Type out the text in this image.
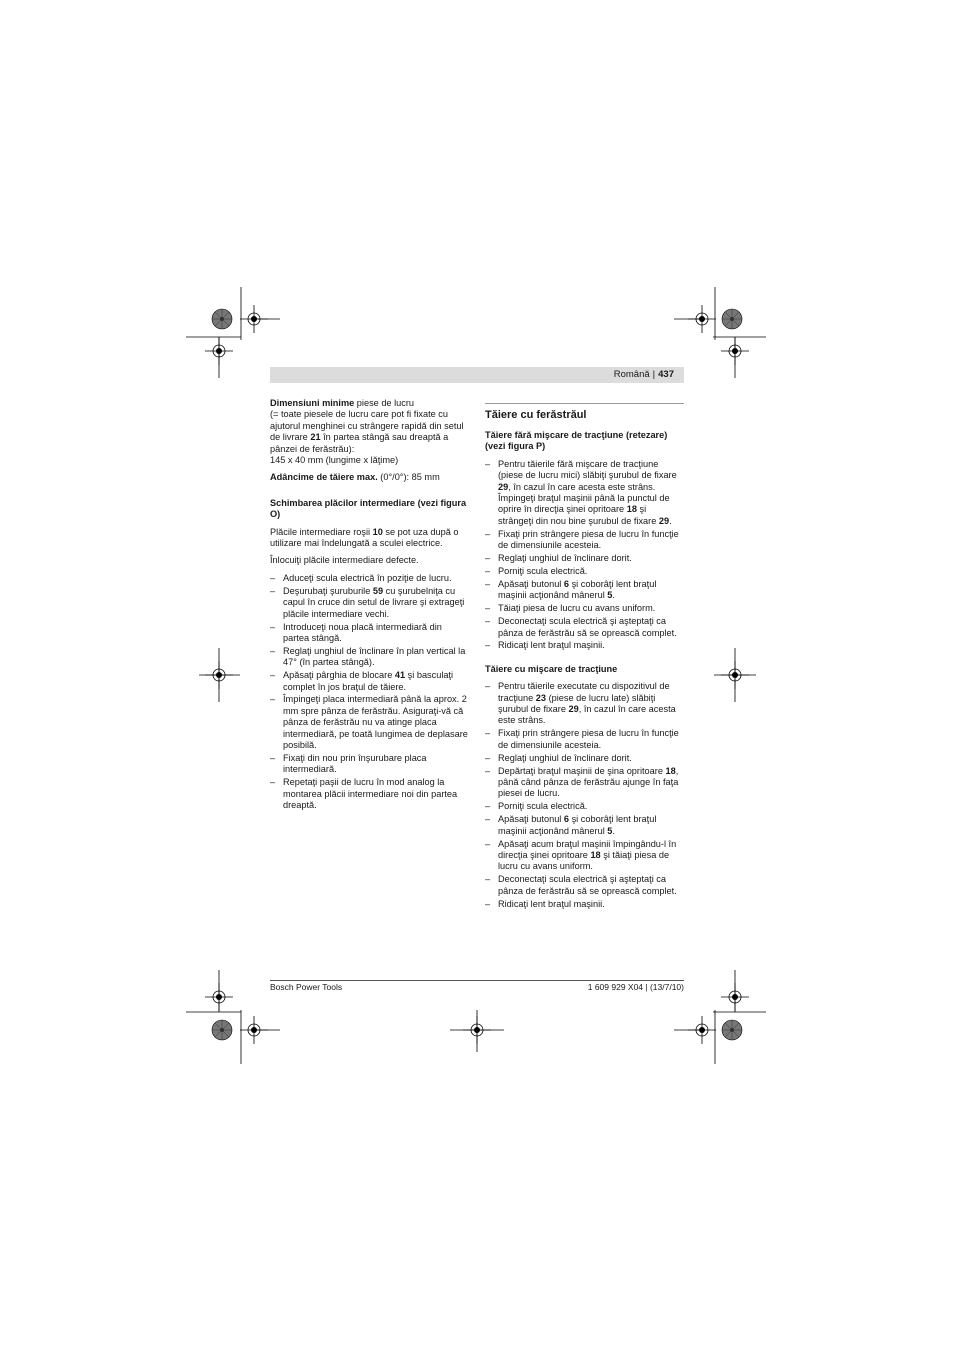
Română | 437

Dimensiuni minime piese de lucru
(= toate piesele de lucru care pot fi fixate cu ajutorul menghinei cu strângere rapidă din setul de livrare 21 în partea stângă sau dreaptă a pânzei de ferăstrău):
145 x 40 mm (lungime x lăţime)

Adâncime de tăiere max. (0°/0°): 85 mm

Schimbarea plăcilor intermediare (vezi figura O)

Plăcile intermediare roşii 10 se pot uza după o utilizare mai îndelungată a sculei electrice.

Înlocuiţi plăcile intermediare defecte.

– Aduceţi scula electrică în poziţie de lucru.
– Deşurubaţi şuruburile 59 cu şurubelniţa cu capul în cruce din setul de livrare şi extrageţi plăcile intermediare vechi.
– Introduceţi noua placă intermediară din partea stângă.
– Reglaţi unghiul de înclinare în plan vertical la 47° (în partea stângă).
– Apăsaţi pârghia de blocare 41 şi basculaţi complet în jos braţul de tăiere.
– Împingeţi placa intermediară până la aprox. 2 mm spre pânza de ferăstrău. Asiguraţi-vă că pânza de ferăstrău nu va atinge placa intermediară, pe toată lungimea de deplasare posibilă.
– Fixaţi din nou prin înşurubare placa intermediară.
– Repetaţi paşii de lucru în mod analog la montarea plăcii intermediare noi din partea dreaptă.
Tăiere cu ferăstrăul
Tăiere fără mişcare de tracţiune (retezare) (vezi figura P)
– Pentru tăierile fără mişcare de tracţiune (piese de lucru mici) slăbiţi şurubul de fixare 29, în cazul în care acesta este strâns. Împingeţi braţul maşinii până la punctul de oprire în direcţia şinei opritoare 18 şi strângeţi din nou bine şurubul de fixare 29.
– Fixaţi prin strângere piesa de lucru în funcţie de dimensiunile acesteia.
– Reglaţi unghiul de înclinare dorit.
– Porniţi scula electrică.
– Apăsaţi butonul 6 şi coborâţi lent braţul maşinii acţionând mânerul 5.
– Tăiaţi piesa de lucru cu avans uniform.
– Deconectaţi scula electrică şi aşteptaţi ca pânza de ferăstrău să se oprească complet.
– Ridicaţi lent braţul maşinii.
Tăiere cu mişcare de tracţiune
– Pentru tăierile executate cu dispozitivul de tracţiune 23 (piese de lucru late) slăbiţi şurubul de fixare 29, în cazul în care acesta este strâns.
– Fixaţi prin strângere piesa de lucru în funcţie de dimensiunile acesteia.
– Reglaţi unghiul de înclinare dorit.
– Depărtaţi braţul maşinii de şina opritoare 18, până când pânza de ferăstrău ajunge în faţa piesei de lucru.
– Porniţi scula electrică.
– Apăsaţi butonul 6 şi coborâţi lent braţul maşinii acţionând mânerul 5.
– Apăsaţi acum braţul maşinii împingându-l în direcţia şinei opritoare 18 şi tăiaţi piesa de lucru cu avans uniform.
– Deconectaţi scula electrică şi aşteptaţi ca pânza de ferăstrău să se oprească complet.
– Ridicaţi lent braţul maşinii.
Bosch Power Tools	1 609 929 X04 | (13/7/10)
